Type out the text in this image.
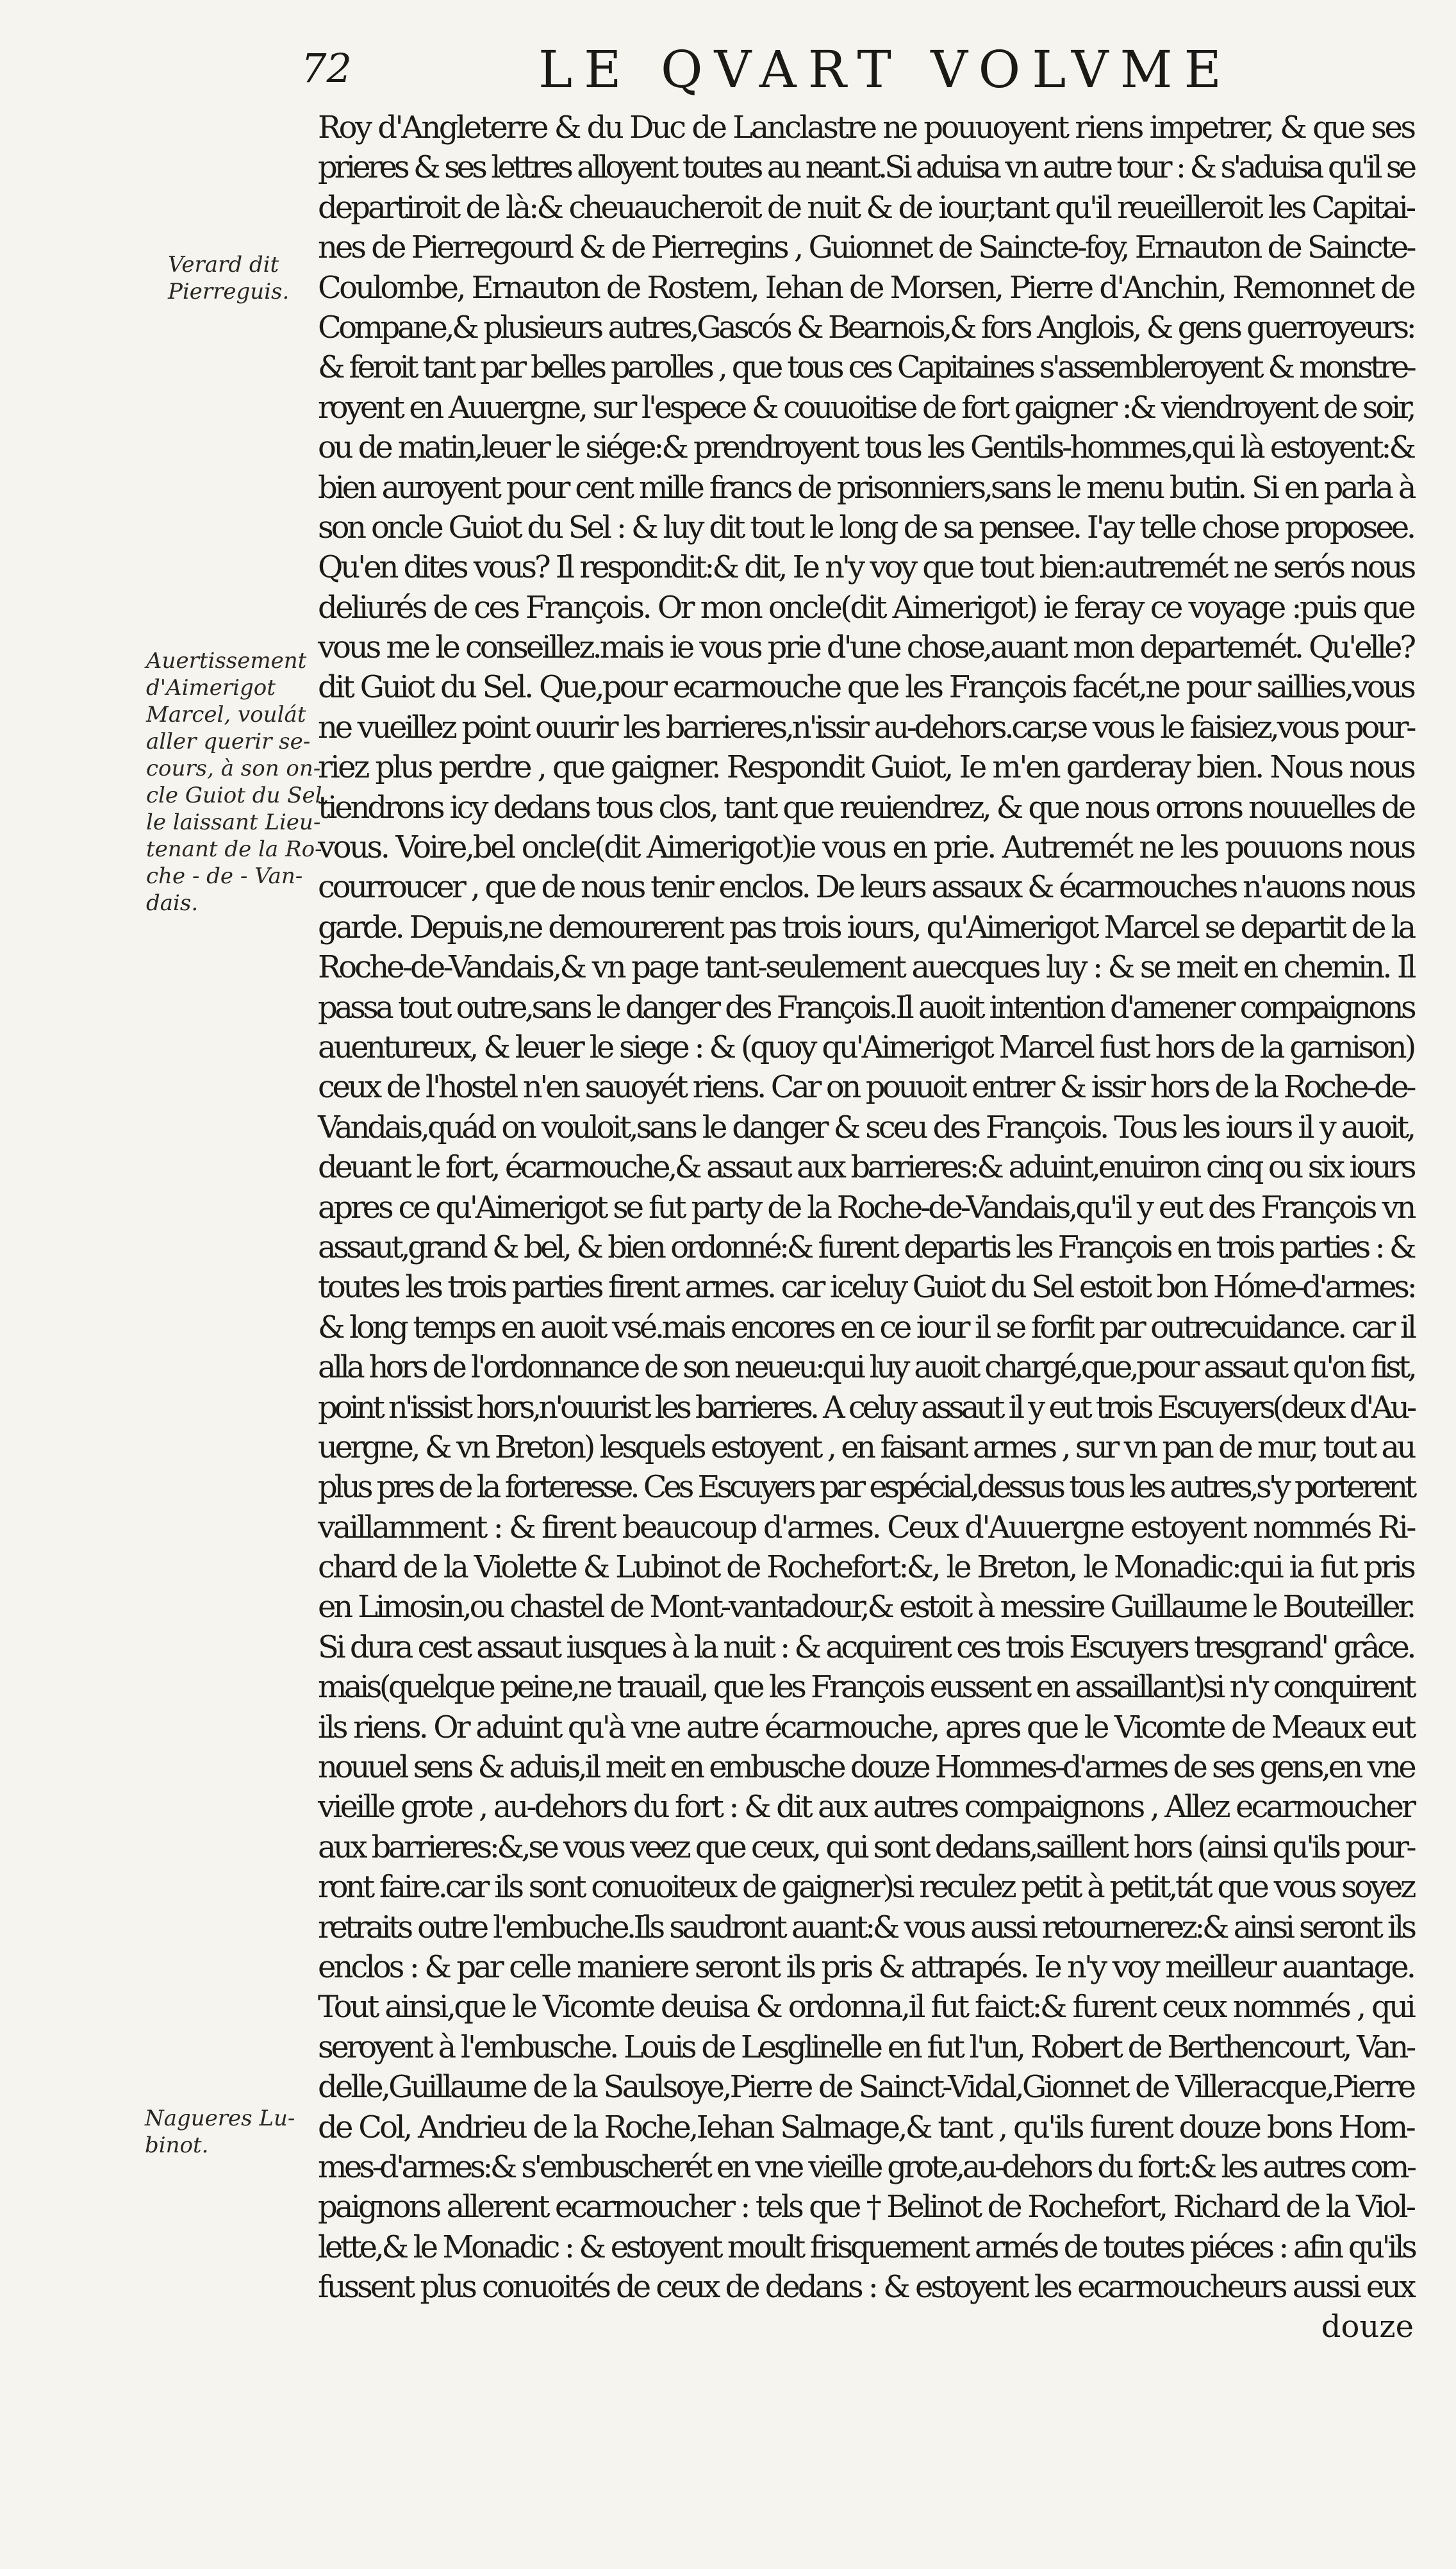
72	LE QVART VOLVME
Verard dit
Pierreguis.
Auertissement
d'Aimerigot
Marcel, voulát
aller querir se-
cours, à son on-
cle Guiot du Sel,
le laissant Lieu-
tenant de la Ro-
che - de - Van-
dais.
Nagueres Lu-
binot.
Roy d'Angleterre & du Duc de Lanclastre ne pouuoyent riens impetrer, & que ses
prieres & ses lettres alloyent toutes au neant.Si aduisa vn autre tour : & s'aduisa qu'il se
departiroit de là:& cheuaucheroit de nuit & de iour,tant qu'il reueilleroit les Capitai-
nes de Pierregourd & de Pierregins , Guionnet de Saincte-foy, Ernauton de Saincte-
Coulombe, Ernauton de Rostem, Iehan de Morsen, Pierre d'Anchin, Remonnet de
Compane,& plusieurs autres,Gascós & Bearnois,& fors Anglois, & gens guerroyeurs:
& feroit tant par belles parolles , que tous ces Capitaines s'assembleroyent & monstre-
royent en Auuergne, sur l'espece & couuoitise de fort gaigner :& viendroyent de soir,
ou de matin,leuer le siége:& prendroyent tous les Gentils-hommes,qui là estoyent:&
bien auroyent pour cent mille francs de prisonniers,sans le menu butin. Si en parla à
son oncle Guiot du Sel : & luy dit tout le long de sa pensee. I'ay telle chose proposee.
Qu'en dites vous? Il respondit:& dit, Ie n'y voy que tout bien:autremét ne serós nous
deliurés de ces François. Or mon oncle(dit Aimerigot) ie feray ce voyage :puis que
vous me le conseillez.mais ie vous prie d'une chose,auant mon departemét. Qu'elle?
dit Guiot du Sel. Que,pour ecarmouche que les François facét,ne pour saillies,vous
ne vueillez point ouurir les barrieres,n'issir au-dehors.car,se vous le faisiez,vous pour-
riez plus perdre , que gaigner. Respondit Guiot, Ie m'en garderay bien. Nous nous
tiendrons icy dedans tous clos, tant que reuiendrez, & que nous orrons nouuelles de
vous. Voire,bel oncle(dit Aimerigot)ie vous en prie. Autremét ne les pouuons nous
courroucer , que de nous tenir enclos. De leurs assaux & écarmouches n'auons nous
garde. Depuis,ne demourerent pas trois iours, qu'Aimerigot Marcel se departit de la
Roche-de-Vandais,& vn page tant-seulement auecques luy : & se meit en chemin. Il
passa tout outre,sans le danger des François.Il auoit intention d'amener compaignons
auentureux, & leuer le siege : & (quoy qu'Aimerigot Marcel fust hors de la garnison)
ceux de l'hostel n'en sauoyét riens. Car on pouuoit entrer & issir hors de la Roche-de-
Vandais,quád on vouloit,sans le danger & sceu des François. Tous les iours il y auoit,
deuant le fort, écarmouche,& assaut aux barrieres:& aduint,enuiron cinq ou six iours
apres ce qu'Aimerigot se fut party de la Roche-de-Vandais,qu'il y eut des François vn
assaut,grand & bel, & bien ordonné:& furent departis les François en trois parties : &
toutes les trois parties firent armes. car iceluy Guiot du Sel estoit bon Hóme-d'armes:
& long temps en auoit vsé.mais encores en ce iour il se forfit par outrecuidance. car il
alla hors de l'ordonnance de son neueu:qui luy auoit chargé,que,pour assaut qu'on fist,
point n'issist hors,n'ouurist les barrieres. A celuy assaut il y eut trois Escuyers(deux d'Au-
uergne, & vn Breton) lesquels estoyent , en faisant armes , sur vn pan de mur, tout au
plus pres de la forteresse. Ces Escuyers par espécial,dessus tous les autres,s'y porterent
vaillamment : & firent beaucoup d'armes. Ceux d'Auuergne estoyent nommés Ri-
chard de la Violette & Lubinot de Rochefort:&, le Breton, le Monadic:qui ia fut pris
en Limosin,ou chastel de Mont-vantadour,& estoit à messire Guillaume le Bouteiller.
Si dura cest assaut iusques à la nuit : & acquirent ces trois Escuyers tresgrand' grâce.
mais(quelque peine,ne trauail, que les François eussent en assaillant)si n'y conquirent
ils riens. Or aduint qu'à vne autre écarmouche, apres que le Vicomte de Meaux eut
nouuel sens & aduis,il meit en embusche douze Hommes-d'armes de ses gens,en vne
vieille grote , au-dehors du fort : & dit aux autres compaignons , Allez ecarmoucher
aux barrieres:&,se vous veez que ceux, qui sont dedans,saillent hors (ainsi qu'ils pour-
ront faire.car ils sont conuoiteux de gaigner)si reculez petit à petit,tát que vous soyez
retraits outre l'embuche.Ils saudront auant:& vous aussi retournerez:& ainsi seront ils
enclos : & par celle maniere seront ils pris & attrapés. Ie n'y voy meilleur auantage.
Tout ainsi,que le Vicomte deuisa & ordonna,il fut faict:& furent ceux nommés , qui
seroyent à l'embusche. Louis de Lesglinelle en fut l'un, Robert de Berthencourt, Van-
delle,Guillaume de la Saulsoye,Pierre de Sainct-Vidal,Gionnet de Villeracque,Pierre
de Col, Andrieu de la Roche,Iehan Salmage,& tant , qu'ils furent douze bons Hom-
mes-d'armes:& s'embuscherét en vne vieille grote,au-dehors du fort:& les autres com-
paignons allerent ecarmoucher : tels que † Belinot de Rochefort, Richard de la Viol-
lette,& le Monadic : & estoyent moult frisquement armés de toutes piéces : afin qu'ils
fussent plus conuoités de ceux de dedans : & estoyent les ecarmoucheurs aussi eux
douze
